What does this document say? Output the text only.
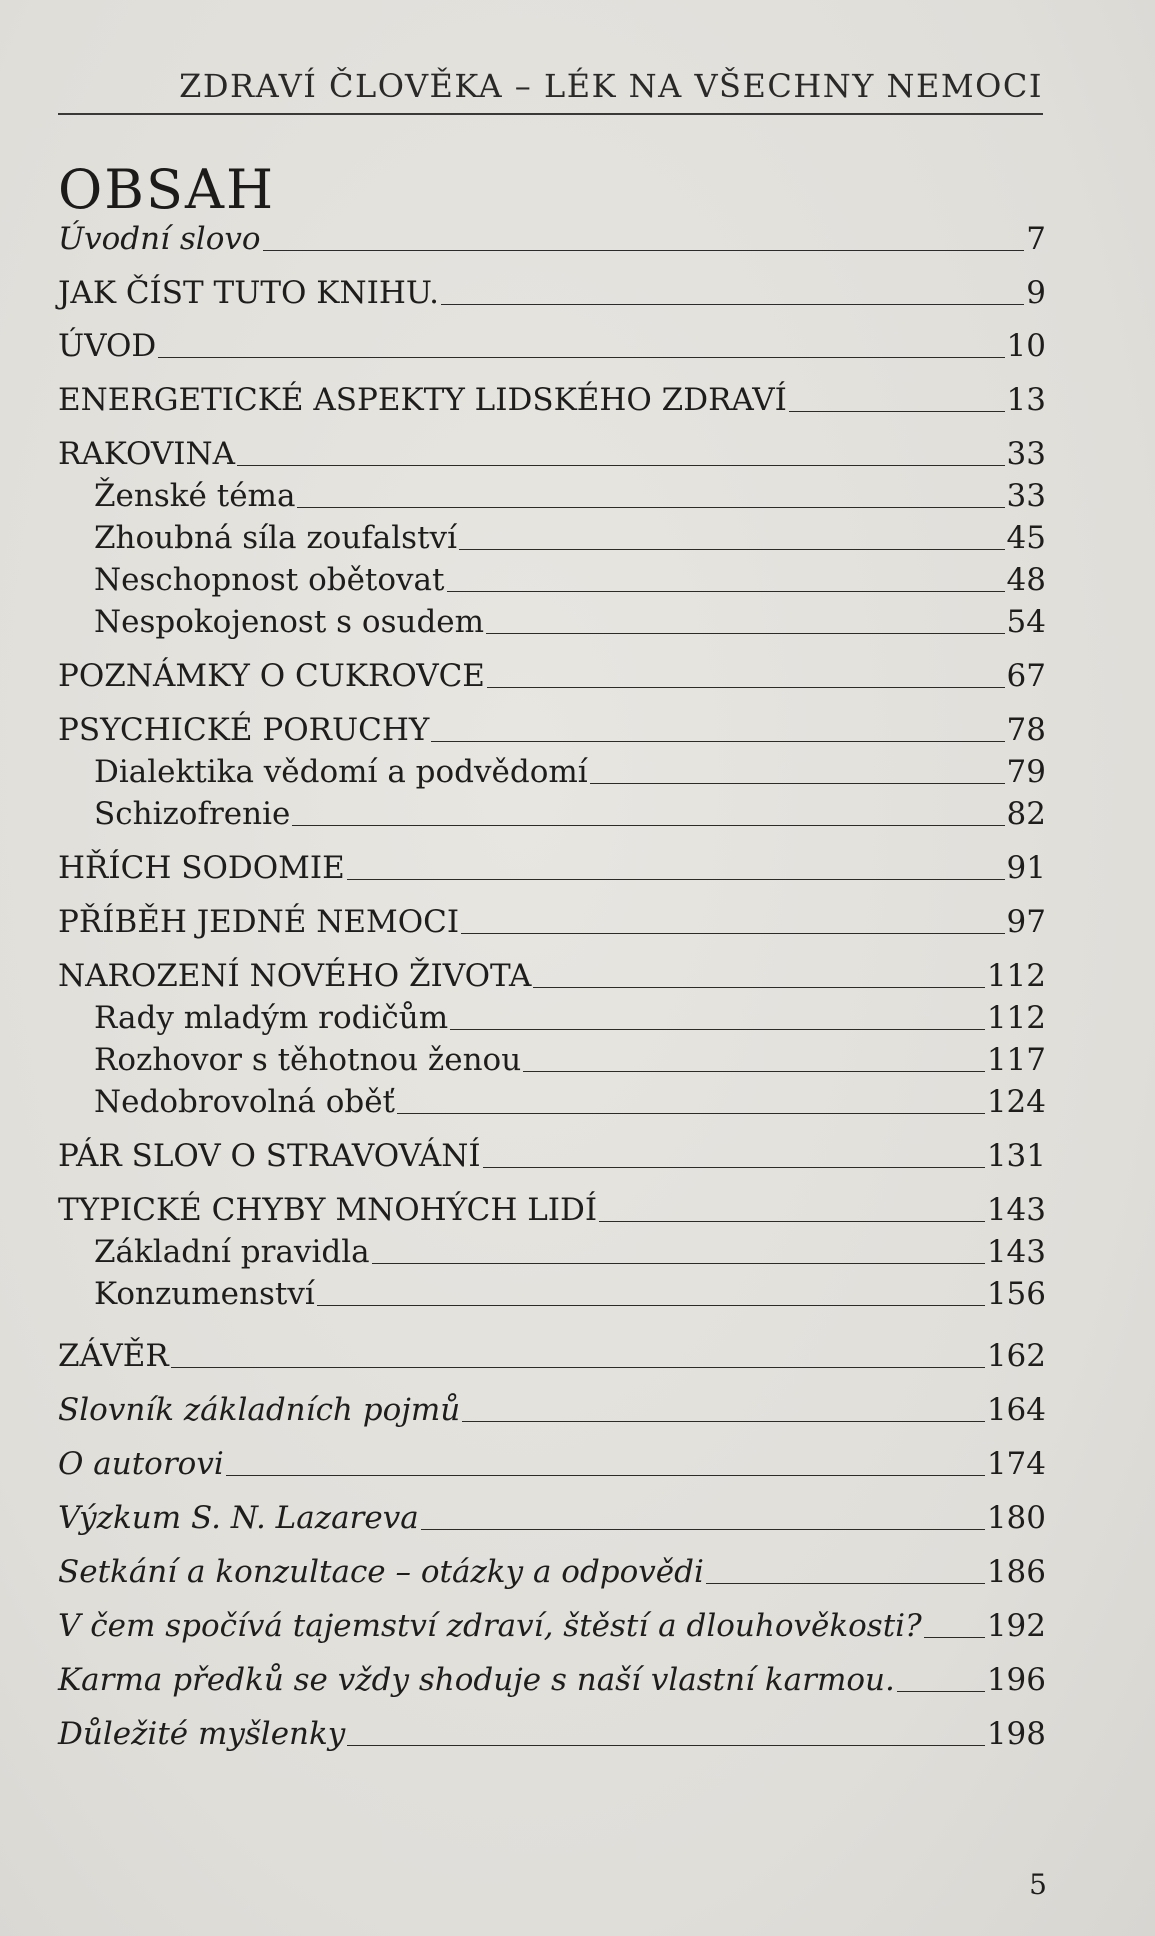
ZDRAVÍ ČLOVĚKA – LÉK NA VŠECHNY NEMOCI
OBSAH
Úvodní slovo	7
JAK ČÍST TUTO KNIHU.	9
ÚVOD	10
ENERGETICKÉ ASPEKTY LIDSKÉHO ZDRAVÍ	13
RAKOVINA	33
Ženské téma	33
Zhoubná síla zoufalství	45
Neschopnost obětovat	48
Nespokojenost s osudem	54
POZNÁMKY O CUKROVCE	67
PSYCHICKÉ PORUCHY	78
Dialektika vědomí a podvědomí	79
Schizofrenie	82
HŘÍCH SODOMIE	91
PŘÍBĚH JEDNÉ NEMOCI	97
NAROZENÍ NOVÉHO ŽIVOTA	112
Rady mladým rodičům	112
Rozhovor s těhotnou ženou	117
Nedobrovolná oběť	124
PÁR SLOV O STRAVOVÁNÍ	131
TYPICKÉ CHYBY MNOHÝCH LIDÍ	143
Základní pravidla	143
Konzumenství	156
ZÁVĚR	162
Slovník základních pojmů	164
O autorovi	174
Výzkum S. N. Lazareva	180
Setkání a konzultace – otázky a odpovědi	186
V čem spočívá tajemství zdraví, štěstí a dlouhověkosti? 192
Karma předků se vždy shoduje s naší vlastní karmou.	196
Důležité myšlenky	198
5
